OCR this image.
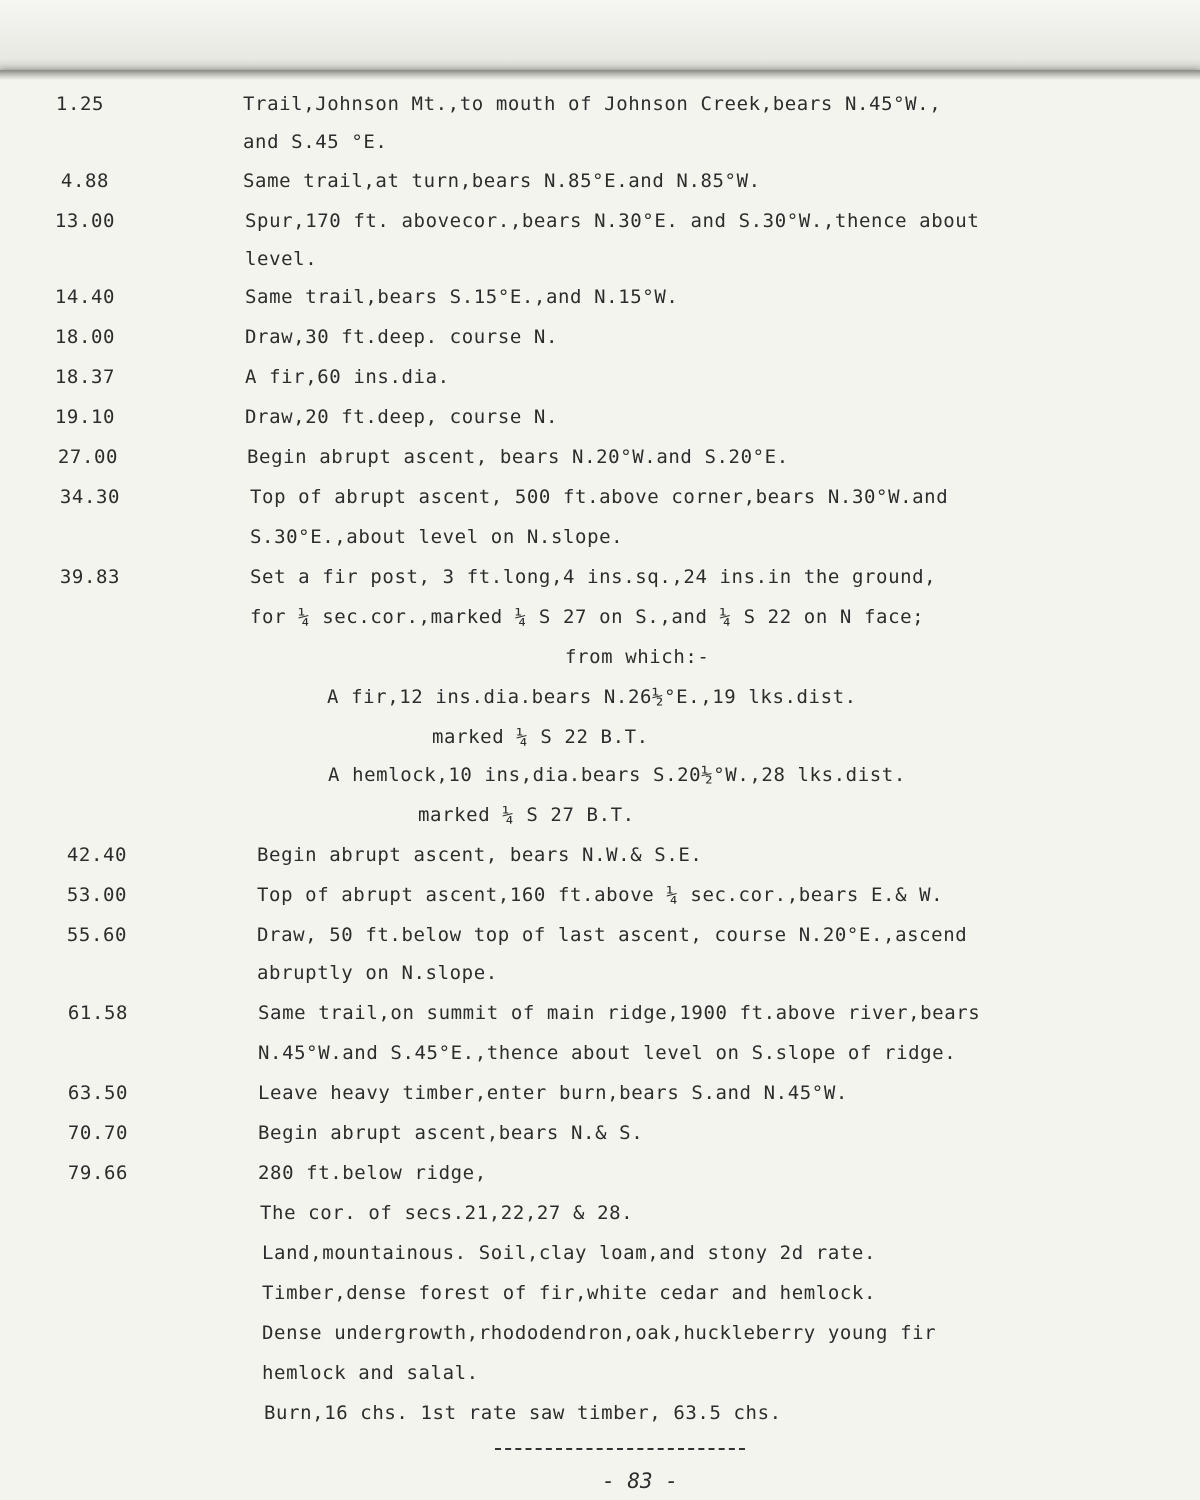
1.25	Trail,Johnson Mt.,to mouth of Johnson Creek,bears N.45°W.,
and S.45 °E.
4.88	Same trail,at turn,bears N.85°E.and N.85°W.
13.00	Spur,170 ft. abovecor.,bears N.30°E. and S.30°W.,thence about
level.
14.40	Same trail,bears S.15°E.,and N.15°W.
18.00	Draw,30 ft.deep. course N.
18.37	A fir,60 ins.dia.
19.10	Draw,20 ft.deep, course N.
27.00	Begin abrupt ascent, bears N.20°W.and S.20°E.
34.30	Top of abrupt ascent, 500 ft.above corner,bears N.30°W.and
S.30°E.,about level on N.slope.
39.83	Set a fir post, 3 ft.long,4 ins.sq.,24 ins.in the ground,
for ¼ sec.cor.,marked ¼ S 27 on S.,and ¼ S 22 on N face;
from which:-
A fir,12 ins.dia.bears N.26½°E.,19 lks.dist.
marked ¼ S 22 B.T.
A hemlock,10 ins,dia.bears S.20½°W.,28 lks.dist.
marked ¼ S 27 B.T.
42.40	Begin abrupt ascent, bears N.W.& S.E.
53.00	Top of abrupt ascent,160 ft.above ¼ sec.cor.,bears E.& W.
55.60	Draw, 50 ft.below top of last ascent, course N.20°E.,ascend
abruptly on N.slope.
61.58	Same trail,on summit of main ridge,1900 ft.above river,bears
N.45°W.and S.45°E.,thence about level on S.slope of ridge.
63.50	Leave heavy timber,enter burn,bears S.and N.45°W.
70.70	Begin abrupt ascent,bears N.& S.
79.66	280 ft.below ridge,
The cor. of secs.21,22,27 & 28.
Land,mountainous. Soil,clay loam,and stony 2d rate.
Timber,dense forest of fir,white cedar and hemlock.
Dense undergrowth,rhododendron,oak,huckleberry young fir
hemlock and salal.
Burn,16 chs. 1st rate saw timber, 63.5 chs.
- 83 -
